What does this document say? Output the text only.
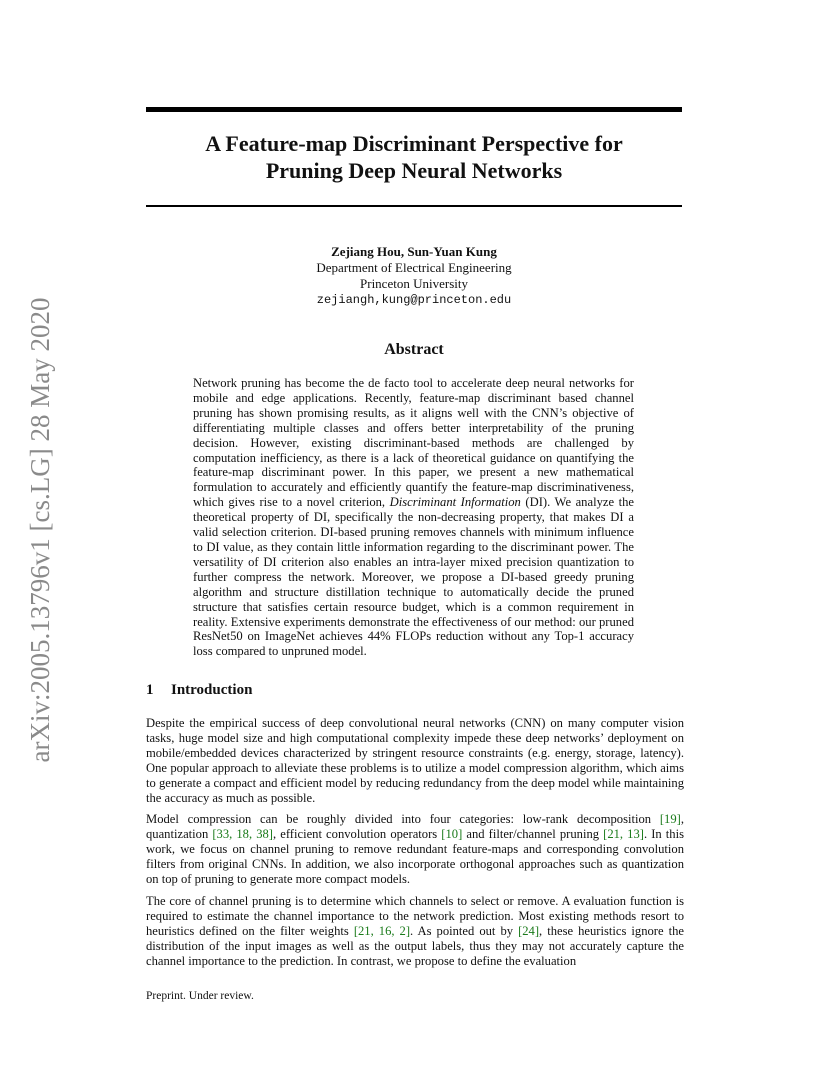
arXiv:2005.13796v1 [cs.LG] 28 May 2020
A Feature-map Discriminant Perspective for
Pruning Deep Neural Networks
Zejiang Hou, Sun-Yuan Kung
Department of Electrical Engineering
Princeton University
zejiangh,kung@princeton.edu
Abstract
Network pruning has become the de facto tool to accelerate deep neural networks for mobile and edge applications. Recently, feature-map discriminant based channel pruning has shown promising results, as it aligns well with the CNN’s objective of differentiating multiple classes and offers better interpretability of the pruning decision. However, existing discriminant-based methods are challenged by computation inefficiency, as there is a lack of theoretical guidance on quantifying the feature-map discriminant power. In this paper, we present a new mathematical formulation to accurately and efficiently quantify the feature-map discriminativeness, which gives rise to a novel criterion, Discriminant Information (DI). We analyze the theoretical property of DI, specifically the non-decreasing property, that makes DI a valid selection criterion. DI-based pruning removes channels with minimum influence to DI value, as they contain little information regarding to the discriminant power. The versatility of DI criterion also enables an intra-layer mixed precision quantization to further compress the network. Moreover, we propose a DI-based greedy pruning algorithm and structure distillation technique to automatically decide the pruned structure that satisfies certain resource budget, which is a common requirement in reality. Extensive experiments demonstrate the effectiveness of our method: our pruned ResNet50 on ImageNet achieves 44% FLOPs reduction without any Top-1 accuracy loss compared to unpruned model.
1 Introduction

Despite the empirical success of deep convolutional neural networks (CNN) on many computer vision tasks, huge model size and high computational complexity impede these deep networks’ deployment on mobile/embedded devices characterized by stringent resource constraints (e.g. energy, storage, latency). One popular approach to alleviate these problems is to utilize a model compression algorithm, which aims to generate a compact and efficient model by reducing redundancy from the deep model while maintaining the accuracy as much as possible.

Model compression can be roughly divided into four categories: low-rank decomposition [19], quantization [33, 18, 38], efficient convolution operators [10] and filter/channel pruning [21, 13]. In this work, we focus on channel pruning to remove redundant feature-maps and corresponding convolution filters from original CNNs. In addition, we also incorporate orthogonal approaches such as quantization on top of pruning to generate more compact models.

The core of channel pruning is to determine which channels to select or remove. A evaluation function is required to estimate the channel importance to the network prediction. Most existing methods resort to heuristics defined on the filter weights [21, 16, 2]. As pointed out by [24], these heuristics ignore the distribution of the input images as well as the output labels, thus they may not accurately capture the channel importance to the prediction. In contrast, we propose to define the evaluation

Preprint. Under review.
